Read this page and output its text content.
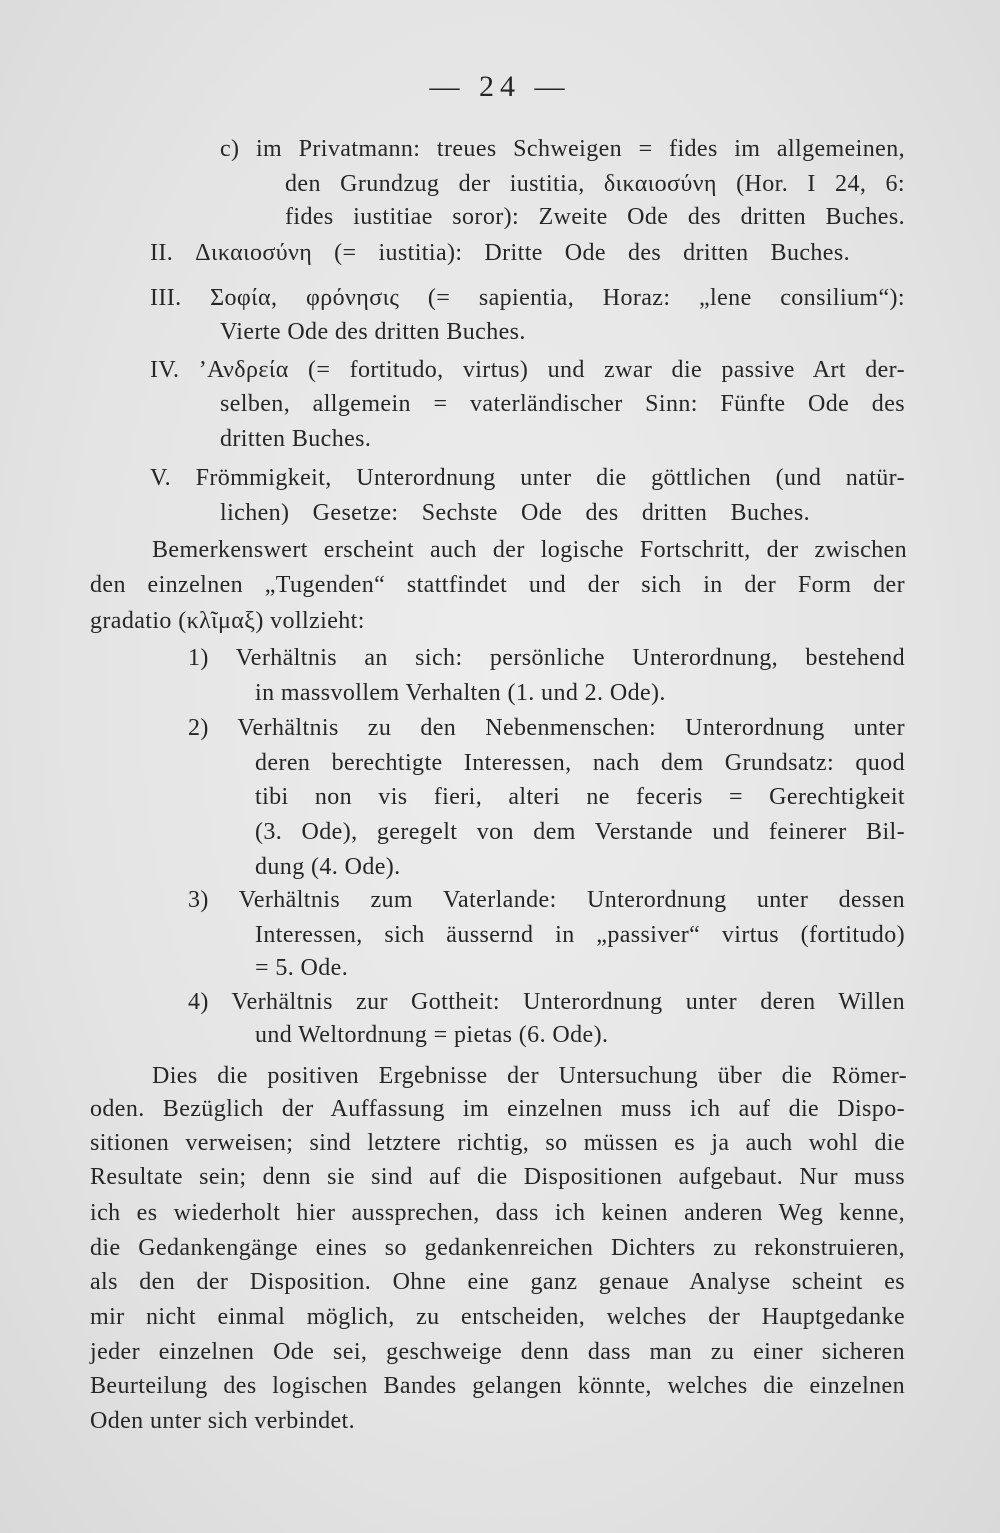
— 24 —
c) im Privatmann: treues Schweigen = fides im allgemeinen,
den Grundzug der iustitia, δικαιοσύνη (Hor. I 24, 6:
fides iustitiae soror): Zweite Ode des dritten Buches.
II. Δικαιοσύνη (= iustitia): Dritte Ode des dritten Buches.
III. Σοφία, φρόνησις (= sapientia, Horaz: „lene consilium“):
Vierte Ode des dritten Buches.
IV. ’Ανδρεία (= fortitudo, virtus) und zwar die passive Art der-
selben, allgemein = vaterländischer Sinn: Fünfte Ode des
dritten Buches.
V. Frömmigkeit, Unterordnung unter die göttlichen (und natür-
lichen) Gesetze: Sechste Ode des dritten Buches.
Bemerkenswert erscheint auch der logische Fortschritt, der zwischen
den einzelnen „Tugenden“ stattfindet und der sich in der Form der
gradatio (κλῖμαξ) vollzieht:
1) Verhältnis an sich: persönliche Unterordnung, bestehend
in massvollem Verhalten (1. und 2. Ode).
2) Verhältnis zu den Nebenmenschen: Unterordnung unter
deren berechtigte Interessen, nach dem Grundsatz: quod
tibi non vis fieri, alteri ne feceris = Gerechtigkeit
(3. Ode), geregelt von dem Verstande und feinerer Bil-
dung (4. Ode).
3) Verhältnis zum Vaterlande: Unterordnung unter dessen
Interessen, sich äussernd in „passiver“ virtus (fortitudo)
= 5. Ode.
4) Verhältnis zur Gottheit: Unterordnung unter deren Willen
und Weltordnung = pietas (6. Ode).
Dies die positiven Ergebnisse der Untersuchung über die Römer-
oden. Bezüglich der Auffassung im einzelnen muss ich auf die Dispo-
sitionen verweisen; sind letztere richtig, so müssen es ja auch wohl die
Resultate sein; denn sie sind auf die Dispositionen aufgebaut. Nur muss
ich es wiederholt hier aussprechen, dass ich keinen anderen Weg kenne,
die Gedankengänge eines so gedankenreichen Dichters zu rekonstruieren,
als den der Disposition. Ohne eine ganz genaue Analyse scheint es
mir nicht einmal möglich, zu entscheiden, welches der Hauptgedanke
jeder einzelnen Ode sei, geschweige denn dass man zu einer sicheren
Beurteilung des logischen Bandes gelangen könnte, welches die einzelnen
Oden unter sich verbindet.
